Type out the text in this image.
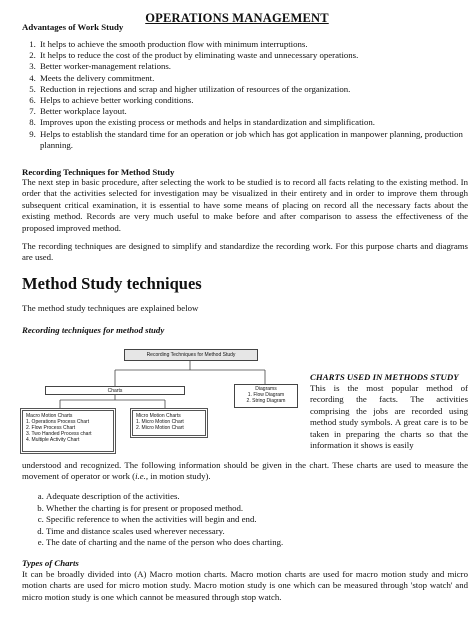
OPERATIONS MANAGEMENT
Advantages of Work Study
1. It helps to achieve the smooth production flow with minimum interruptions.
2. It helps to reduce the cost of the product by eliminating waste and unnecessary operations.
3. Better worker-management relations.
4. Meets the delivery commitment.
5. Reduction in rejections and scrap and higher utilization of resources of the organization.
6. Helps to achieve better working conditions.
7. Better workplace layout.
8. Improves upon the existing process or methods and helps in standardization and simplification.
9. Helps to establish the standard time for an operation or job which has got application in manpower planning, production planning.
Recording Techniques for Method Study
The next step in basic procedure, after selecting the work to be studied is to record all facts relating to the existing method. In order that the activities selected for investigation may be visualized in their entirety and in order to improve them through subsequent critical examination, it is essential to have some means of placing on record all the necessary facts about the existing method. Records are very much useful to make before and after comparison to assess the effectiveness of the proposed improved method.
The recording techniques are designed to simplify and standardize the recording work. For this purpose charts and diagrams are used.
Method Study techniques
The method study techniques are explained below
Recording techniques for method study
Recording Techniques for Method Study
Charts	Diagrams
1. Flow Diagram
2. String Diagram
Macro Motion Charts
1. Operations Process Chart
2. Flow Process Chart
3. Two Handed Process chart
4. Multiple Activity Chart
Micro Motion Charts
1. Micro Motion Chart
2. Micro Motion Chart
CHARTS USED IN METHODS STUDY
This is the most popular method of recording the facts. The activities comprising the jobs are recorded using method study symbols. A great care is to be taken in preparing the charts so that the information it shows is easily
understood and recognized. The following information should be given in the chart. These charts are used to measure the movement of operator or work (i.e., in motion study).
a. Adequate description of the activities.
b. Whether the charting is for present or proposed method.
c. Specific reference to when the activities will begin and end.
d. Time and distance scales used wherever necessary.
e. The date of charting and the name of the person who does charting.
Types of Charts
It can be broadly divided into (A) Macro motion charts. Macro motion charts are used for macro motion study and micro motion charts are used for micro motion study. Macro motion study is one which can be measured through 'stop watch' and micro motion study is one which cannot be measured through stop watch.
